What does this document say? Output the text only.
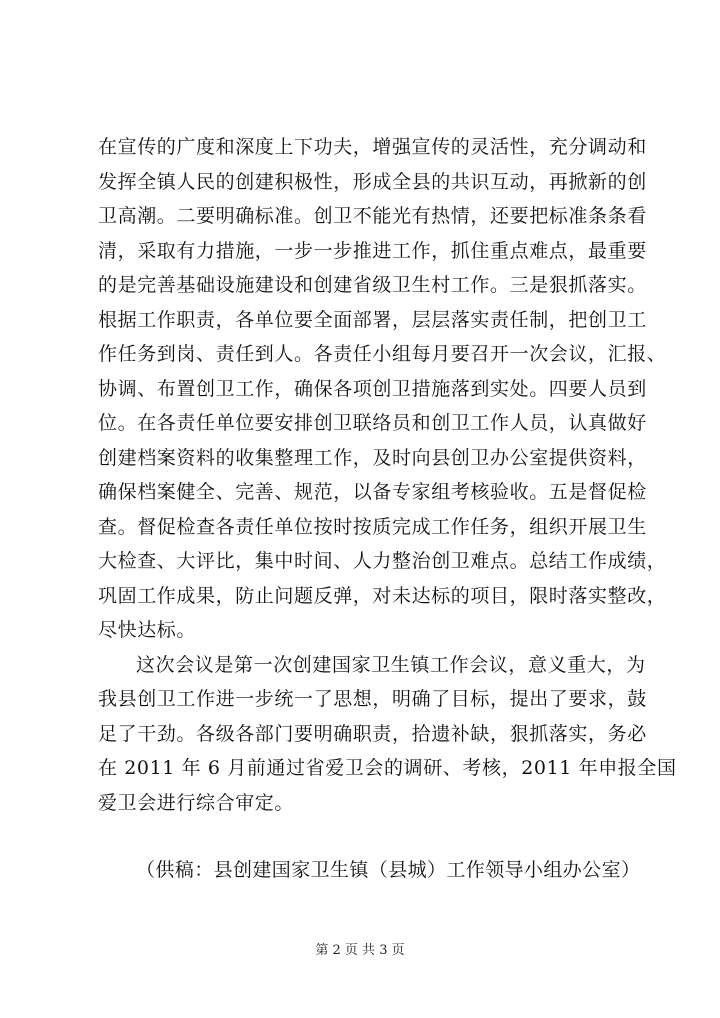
在宣传的广度和深度上下功夫，增强宣传的灵活性，充分调动和
发挥全镇人民的创建积极性，形成全县的共识互动，再掀新的创
卫高潮。二要明确标准。创卫不能光有热情，还要把标准条条看
清，采取有力措施，一步一步推进工作，抓住重点难点，最重要
的是完善基础设施建设和创建省级卫生村工作。三是狠抓落实。
根据工作职责，各单位要全面部署，层层落实责任制，把创卫工
作任务到岗、责任到人。各责任小组每月要召开一次会议，汇报、
协调、布置创卫工作，确保各项创卫措施落到实处。四要人员到
位。在各责任单位要安排创卫联络员和创卫工作人员，认真做好
创建档案资料的收集整理工作，及时向县创卫办公室提供资料，
确保档案健全、完善、规范，以备专家组考核验收。五是督促检
查。督促检查各责任单位按时按质完成工作任务，组织开展卫生
大检查、大评比，集中时间、人力整治创卫难点。总结工作成绩，
巩固工作成果，防止问题反弹，对未达标的项目，限时落实整改，
尽快达标。
这次会议是第一次创建国家卫生镇工作会议，意义重大，为
我县创卫工作进一步统一了思想，明确了目标，提出了要求，鼓
足了干劲。各级各部门要明确职责，拾遗补缺，狠抓落实，务必
在 2011 年 6 月前通过省爱卫会的调研、考核，2011 年申报全国
爱卫会进行综合审定。
（供稿：县创建国家卫生镇（县城）工作领导小组办公室）
第 2 页 共 3 页
